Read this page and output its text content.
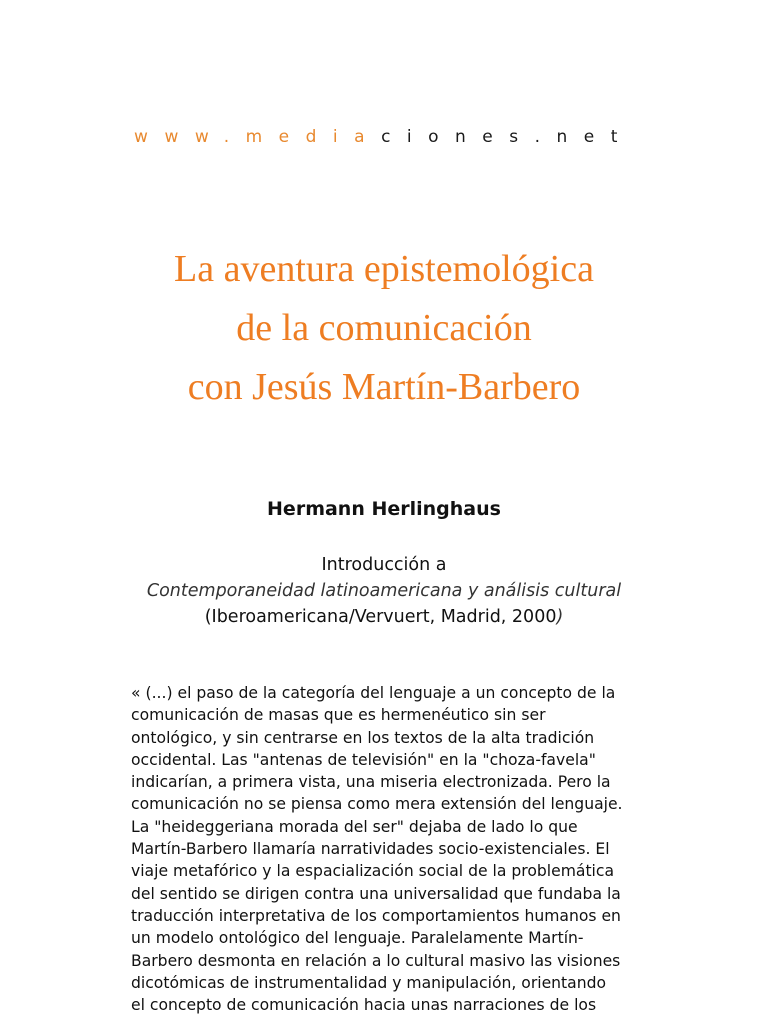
www.mediaciones.net
La aventura epistemológica
de la comunicación
con Jesús Martín-Barbero
Hermann Herlinghaus
Introducción a
Contemporaneidad latinoamericana y análisis cultural
(Iberoamericana/Vervuert, Madrid, 2000)

« (...) el paso de la categoría del lenguaje a un concepto de la
comunicación de masas que es hermenéutico sin ser
ontológico, y sin centrarse en los textos de la alta tradición
occidental. Las "antenas de televisión" en la "choza-favela"
indicarían, a primera vista, una miseria electronizada. Pero la
comunicación no se piensa como mera extensión del lenguaje.
La "heideggeriana morada del ser" dejaba de lado lo que
Martín-Barbero llamaría narratividades socio-existenciales. El
viaje metafórico y la espacialización social de la problemática
del sentido se dirigen contra una universalidad que fundaba la
traducción interpretativa de los comportamientos humanos en
un modelo ontológico del lenguaje. Paralelamente Martín-
Barbero desmonta en relación a lo cultural masivo las visiones
dicotómicas de instrumentalidad y manipulación, orientando
el concepto de comunicación hacia unas narraciones de los
